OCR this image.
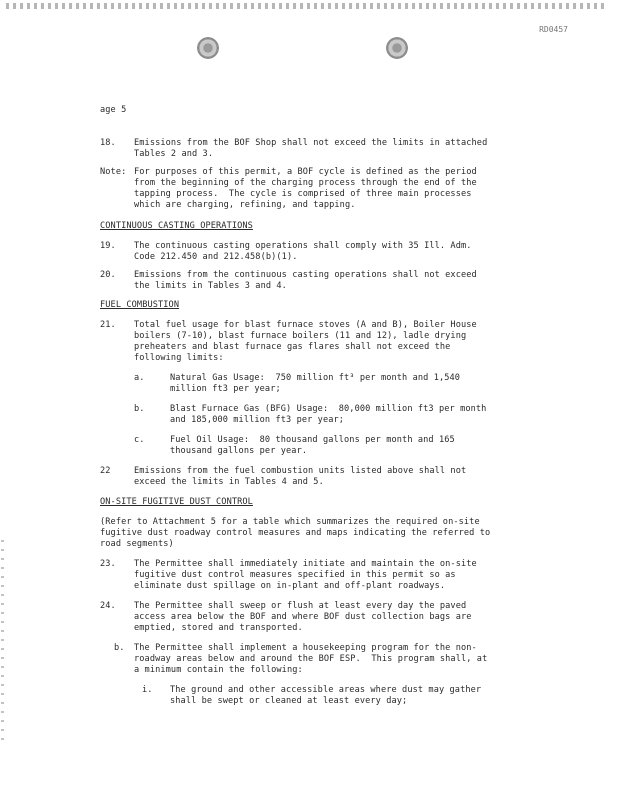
RD0457
age 5
18. Emissions from the BOF Shop shall not exceed the limits in attached
Tables 2 and 3.
Note: For purposes of this permit, a BOF cycle is defined as the period
from the beginning of the charging process through the end of the
tapping process.  The cycle is comprised of three main processes
which are charging, refining, and tapping.
CONTINUOUS CASTING OPERATIONS
19. The continuous casting operations shall comply with 35 Ill. Adm.
Code 212.450 and 212.458(b)(1).
20. Emissions from the continuous casting operations shall not exceed
the limits in Tables 3 and 4.
FUEL COMBUSTION
21. Total fuel usage for blast furnace stoves (A and B), Boiler House
boilers (7-10), blast furnace boilers (11 and 12), ladle drying
preheaters and blast furnace gas flares shall not exceed the
following limits:
a.	Natural Gas Usage:  750 million ft³ per month and 1,540
million ft3 per year;
b.	Blast Furnace Gas (BFG) Usage:  80,000 million ft3 per month
and 185,000 million ft3 per year;
c.	Fuel Oil Usage:  80 thousand gallons per month and 165
thousand gallons per year.
22	Emissions from the fuel combustion units listed above shall not
exceed the limits in Tables 4 and 5.
ON-SITE FUGITIVE DUST CONTROL
(Refer to Attachment 5 for a table which summarizes the required on-site
fugitive dust roadway control measures and maps indicating the referred to
road segments)
23. The Permittee shall immediately initiate and maintain the on-site
fugitive dust control measures specified in this permit so as
eliminate dust spillage on in-plant and off-plant roadways.
24. The Permittee shall sweep or flush at least every day the paved
access area below the BOF and where BOF dust collection bags are
emptied, stored and transported.
b. The Permittee shall implement a housekeeping program for the non-
roadway areas below and around the BOF ESP.  This program shall, at
a minimum contain the following:
i. The ground and other accessible areas where dust may gather
shall be swept or cleaned at least every day;
